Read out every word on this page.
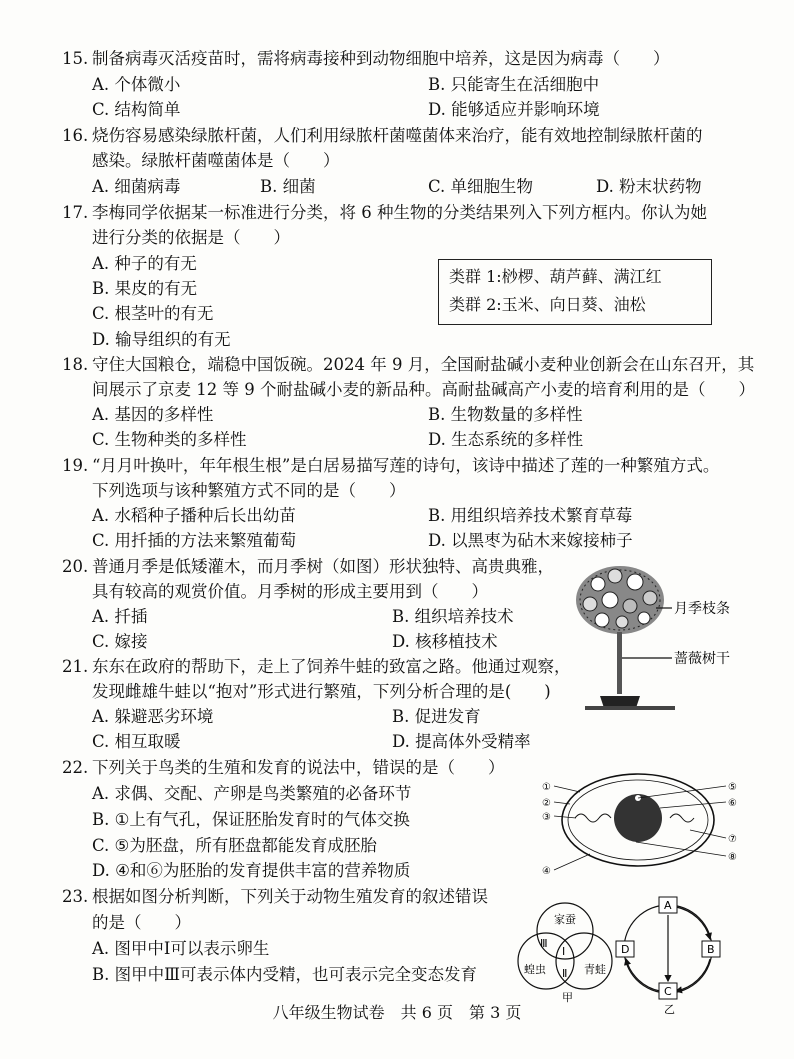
15. 制备病毒灭活疫苗时，需将病毒接种到动物细胞中培养，这是因为病毒（　　）
A. 个体微小	B. 只能寄生在活细胞中
C. 结构简单	D. 能够适应并影响环境
16. 烧伤容易感染绿脓杆菌，人们利用绿脓杆菌噬菌体来治疗，能有效地控制绿脓杆菌的
感染。绿脓杆菌噬菌体是（　　）
A. 细菌病毒	B. 细菌	C. 单细胞生物	D. 粉末状药物
17. 李梅同学依据某一标准进行分类，将 6 种生物的分类结果列入下列方框内。你认为她
进行分类的依据是（　　）
A. 种子的有无
B. 果皮的有无
C. 根茎叶的有无
D. 输导组织的有无
类群 1:桫椤、葫芦藓、满江红
类群 2:玉米、向日葵、油松
18. 守住大国粮仓，端稳中国饭碗。2024 年 9 月，全国耐盐碱小麦种业创新会在山东召开，其
间展示了京麦 12 等 9 个耐盐碱小麦的新品种。高耐盐碱高产小麦的培育利用的是（　　）
A. 基因的多样性	B. 生物数量的多样性
C. 生物种类的多样性	D. 生态系统的多样性
19. “月月叶换叶，年年根生根”是白居易描写莲的诗句，该诗中描述了莲的一种繁殖方式。
下列选项与该种繁殖方式不同的是（　　）
A. 水稻种子播种后长出幼苗	B. 用组织培养技术繁育草莓
C. 用扦插的方法来繁殖葡萄	D. 以黑枣为砧木来嫁接柿子
20. 普通月季是低矮灌木，而月季树（如图）形状独特、高贵典雅，
具有较高的观赏价值。月季树的形成主要用到（　　）
A. 扦插	B. 组织培养技术
C. 嫁接	D. 核移植技术
月季枝条
蔷薇树干
21. 东东在政府的帮助下，走上了饲养牛蛙的致富之路。他通过观察，
发现雌雄牛蛙以“抱对”形式进行繁殖，下列分析合理的是(　　)
A. 躲避恶劣环境	B. 促进发育
C. 相互取暖	D. 提高体外受精率
22. 下列关于鸟类的生殖和发育的说法中，错误的是（　　）
A. 求偶、交配、产卵是鸟类繁殖的必备环节
B. ①上有气孔，保证胚胎发育时的气体交换
C. ⑤为胚盘，所有胚盘都能发育成胚胎
D. ④和⑥为胚胎的发育提供丰富的营养物质
①
②
③
④
⑤
⑥
⑦
⑧
23. 根据如图分析判断，下列关于动物生殖发育的叙述错误
的是（　　）
A. 图甲中Ⅰ可以表示卵生
B. 图甲中Ⅲ可表示体内受精，也可表示完全变态发育
家蚕
蝗虫	青蛙
Ⅰ
Ⅱ
Ⅲ
甲
A
B
C
D
乙
八年级生物试卷　共 6 页　第 3 页
